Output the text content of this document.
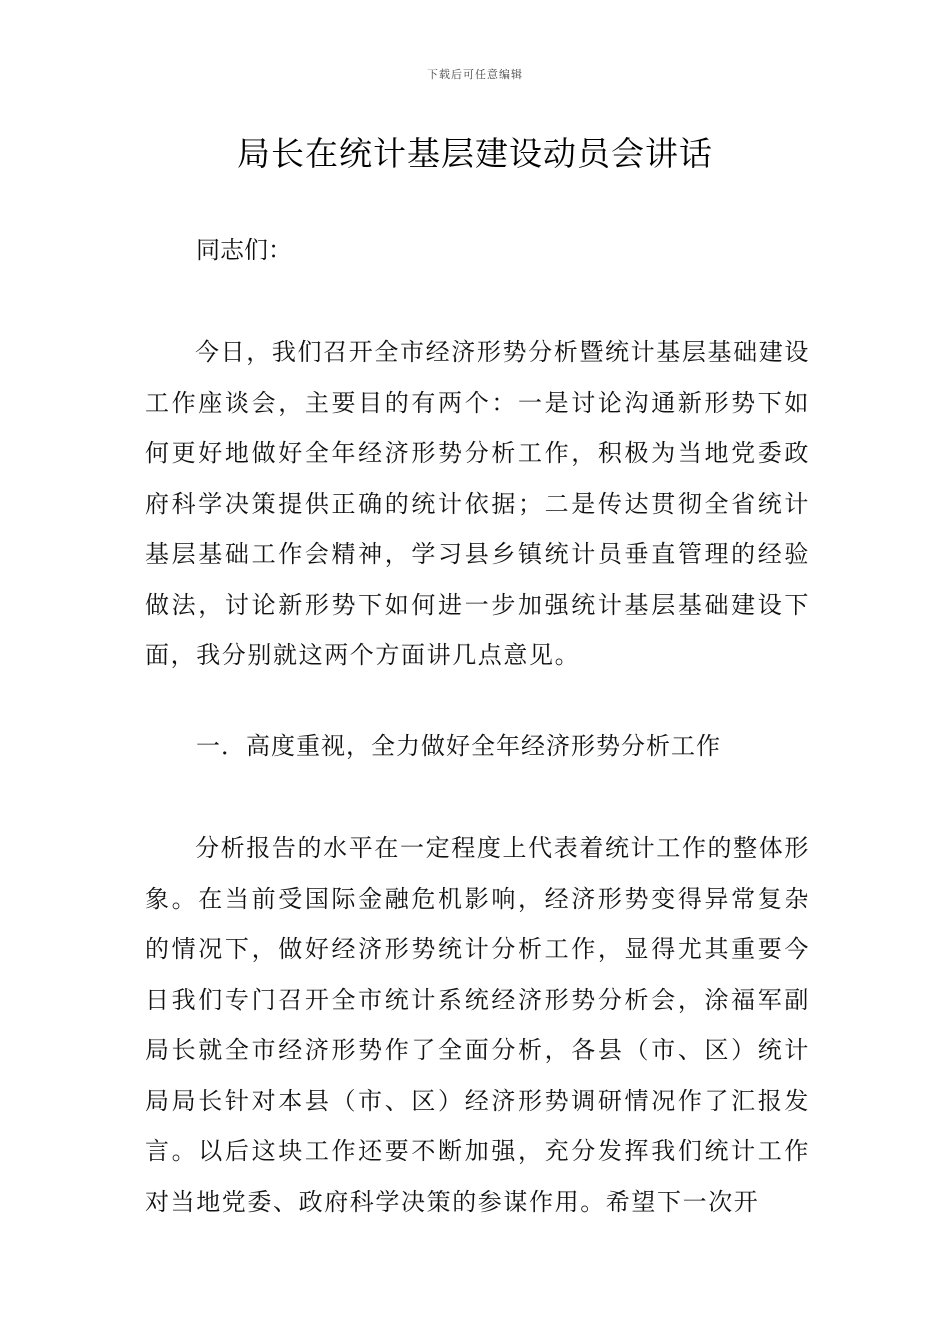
下载后可任意编辑
局长在统计基层建设动员会讲话
同志们：

今日，我们召开全市经济形势分析暨统计基层基础建设工作座谈会，主要目的有两个：一是讨论沟通新形势下如何更好地做好全年经济形势分析工作，积极为当地党委政府科学决策提供正确的统计依据；二是传达贯彻全省统计基层基础工作会精神，学习县乡镇统计员垂直管理的经验做法，讨论新形势下如何进一步加强统计基层基础建设下面，我分别就这两个方面讲几点意见。

一．高度重视，全力做好全年经济形势分析工作

分析报告的水平在一定程度上代表着统计工作的整体形象。在当前受国际金融危机影响，经济形势变得异常复杂的情况下，做好经济形势统计分析工作，显得尤其重要今日我们专门召开全市统计系统经济形势分析会，涂福军副局长就全市经济形势作了全面分析，各县（市、区）统计局局长针对本县（市、区）经济形势调研情况作了汇报发言。以后这块工作还要不断加强，充分发挥我们统计工作对当地党委、政府科学决策的参谋作用。希望下一次开
